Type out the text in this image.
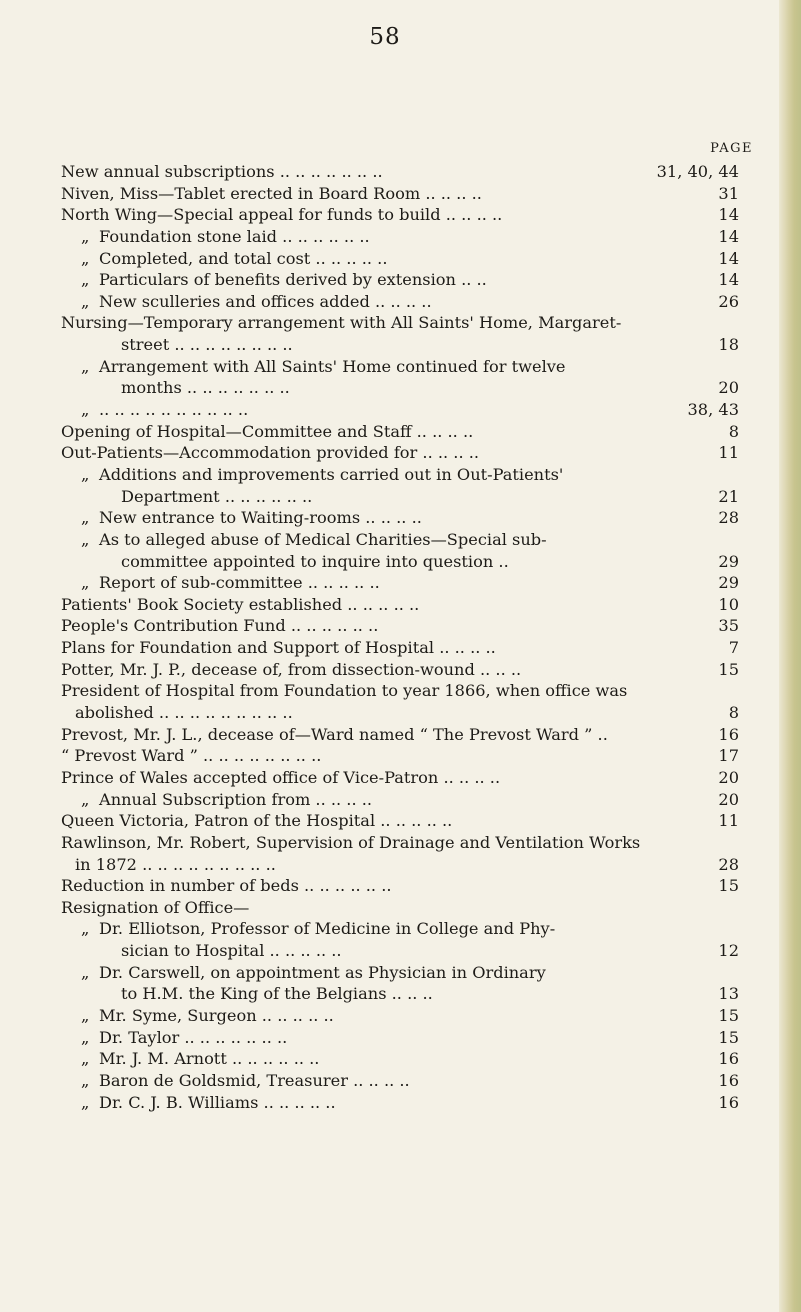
58
PAGE
New annual subscriptions .. .. .. .. .. .. ..	31, 40, 44
Niven, Miss—Tablet erected in Board Room .. .. .. ..	31
North Wing—Special appeal for funds to build .. .. .. ..	14
„ Foundation stone laid .. .. .. .. .. ..	14
„ Completed, and total cost .. .. .. .. ..	14
„ Particulars of benefits derived by extension .. ..	14
„ New sculleries and offices added .. .. .. ..	26
Nursing—Temporary arrangement with All Saints' Home, Margaret-
street .. .. .. .. .. .. .. ..	18
„ Arrangement with All Saints' Home continued for twelve
months .. .. .. .. .. .. ..	20
„ .. .. .. .. .. .. .. .. .. ..	38, 43
Opening of Hospital—Committee and Staff .. .. .. ..	8
Out-Patients—Accommodation provided for .. .. .. ..	11
„ Additions and improvements carried out in Out-Patients'
Department .. .. .. .. .. ..	21
„ New entrance to Waiting-rooms .. .. .. ..	28
„ As to alleged abuse of Medical Charities—Special sub-
committee appointed to inquire into question ..	29
„ Report of sub-committee .. .. .. .. ..	29
Patients' Book Society established .. .. .. .. ..	10
People's Contribution Fund .. .. .. .. .. ..	35
Plans for Foundation and Support of Hospital .. .. .. ..	7
Potter, Mr. J. P., decease of, from dissection-wound .. .. ..	15
President of Hospital from Foundation to year 1866, when office was
abolished .. .. .. .. .. .. .. .. ..	8
Prevost, Mr. J. L., decease of—Ward named “ The Prevost Ward ” ..	16
“ Prevost Ward ” .. .. .. .. .. .. .. ..	17
Prince of Wales accepted office of Vice-Patron .. .. .. ..	20
„ Annual Subscription from .. .. .. ..	20
Queen Victoria, Patron of the Hospital .. .. .. .. ..	11
Rawlinson, Mr. Robert, Supervision of Drainage and Ventilation Works
in 1872 .. .. .. .. .. .. .. .. ..	28
Reduction in number of beds .. .. .. .. .. ..	15
Resignation of Office—
„ Dr. Elliotson, Professor of Medicine in College and Phy-
sician to Hospital .. .. .. .. ..	12
„ Dr. Carswell, on appointment as Physician in Ordinary
to H.M. the King of the Belgians .. .. ..	13
„ Mr. Syme, Surgeon .. .. .. .. ..	15
„ Dr. Taylor .. .. .. .. .. .. ..	15
„ Mr. J. M. Arnott .. .. .. .. .. ..	16
„ Baron de Goldsmid, Treasurer .. .. .. ..	16
„ Dr. C. J. B. Williams .. .. .. .. ..	16
